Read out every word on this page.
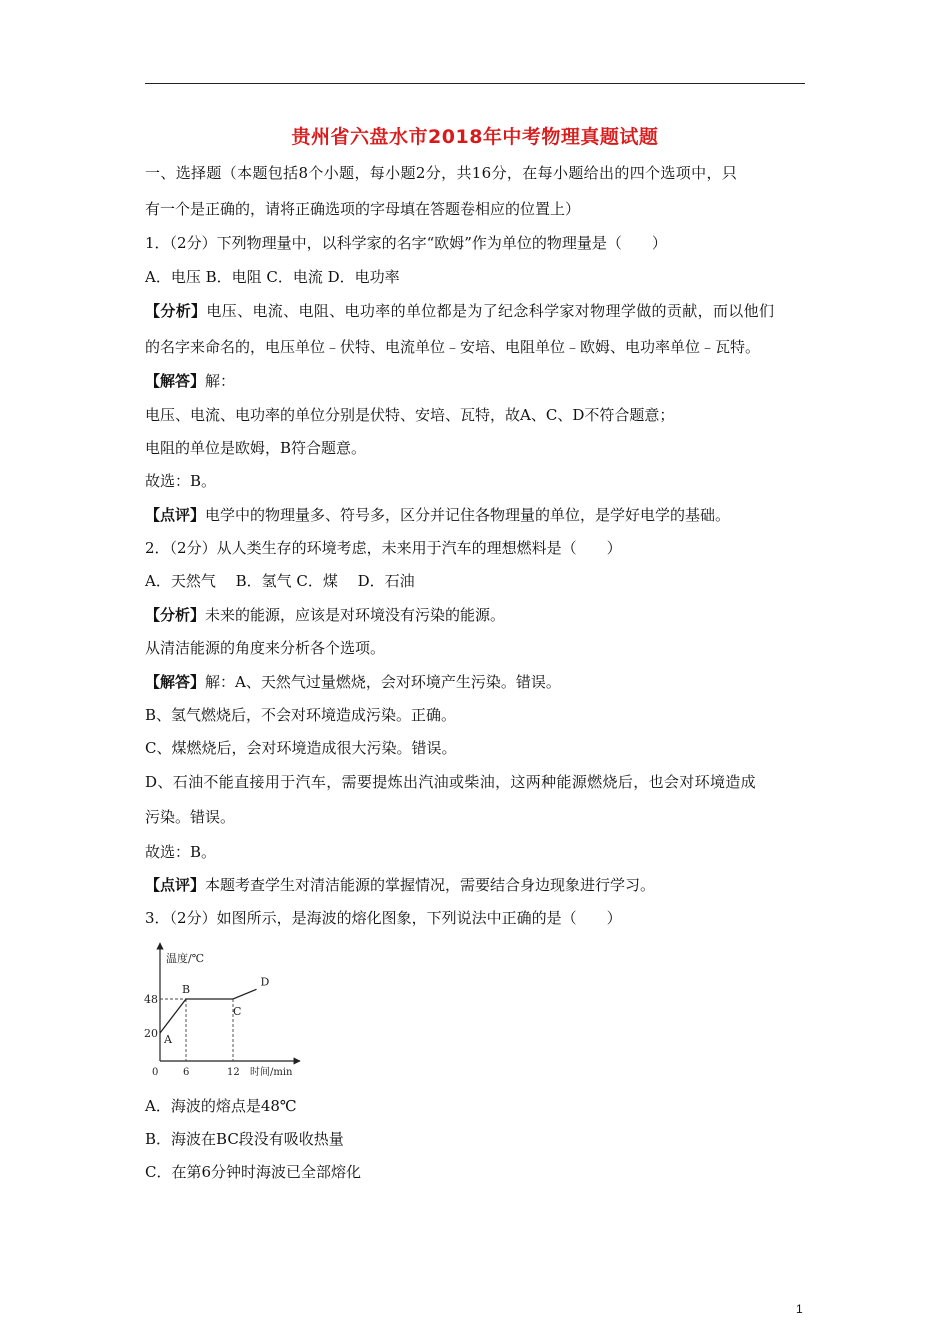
贵州省六盘水市2018年中考物理真题试题
一、选择题（本题包括8个小题，每小题2分，共16分，在每小题给出的四个选项中，只
有一个是正确的，请将正确选项的字母填在答题卷相应的位置上）
1．（2分）下列物理量中，以科学家的名字“欧姆”作为单位的物理量是（　　）
A．电压 B．电阻 C．电流 D．电功率
【分析】电压、电流、电阻、电功率的单位都是为了纪念科学家对物理学做的贡献，而以他们
的名字来命名的，电压单位﹣伏特、电流单位﹣安培、电阻单位﹣欧姆、电功率单位﹣瓦特。
【解答】解：
电压、电流、电功率的单位分别是伏特、安培、瓦特，故A、C、D不符合题意；
电阻的单位是欧姆，B符合题意。
故选：B。
【点评】电学中的物理量多、符号多，区分并记住各物理量的单位，是学好电学的基础。
2．（2分）从人类生存的环境考虑，未来用于汽车的理想燃料是（　　）
A．天然气　 B．氢气 C．煤　 D．石油
【分析】未来的能源，应该是对环境没有污染的能源。
从清洁能源的角度来分析各个选项。
【解答】解：A、天然气过量燃烧，会对环境产生污染。错误。
B、氢气燃烧后，不会对环境造成污染。正确。
C、煤燃烧后，会对环境造成很大污染。错误。
D、石油不能直接用于汽车，需要提炼出汽油或柴油，这两种能源燃烧后，也会对环境造成
污染。错误。
故选：B。
【点评】本题考查学生对清洁能源的掌握情况，需要结合身边现象进行学习。
3．（2分）如图所示，是海波的熔化图象，下列说法中正确的是（　　）
A
B
C
D
20
48
0 6	12
温度/℃
时间/min
A．海波的熔点是48℃
B．海波在BC段没有吸收热量
C．在第6分钟时海波已全部熔化
1
